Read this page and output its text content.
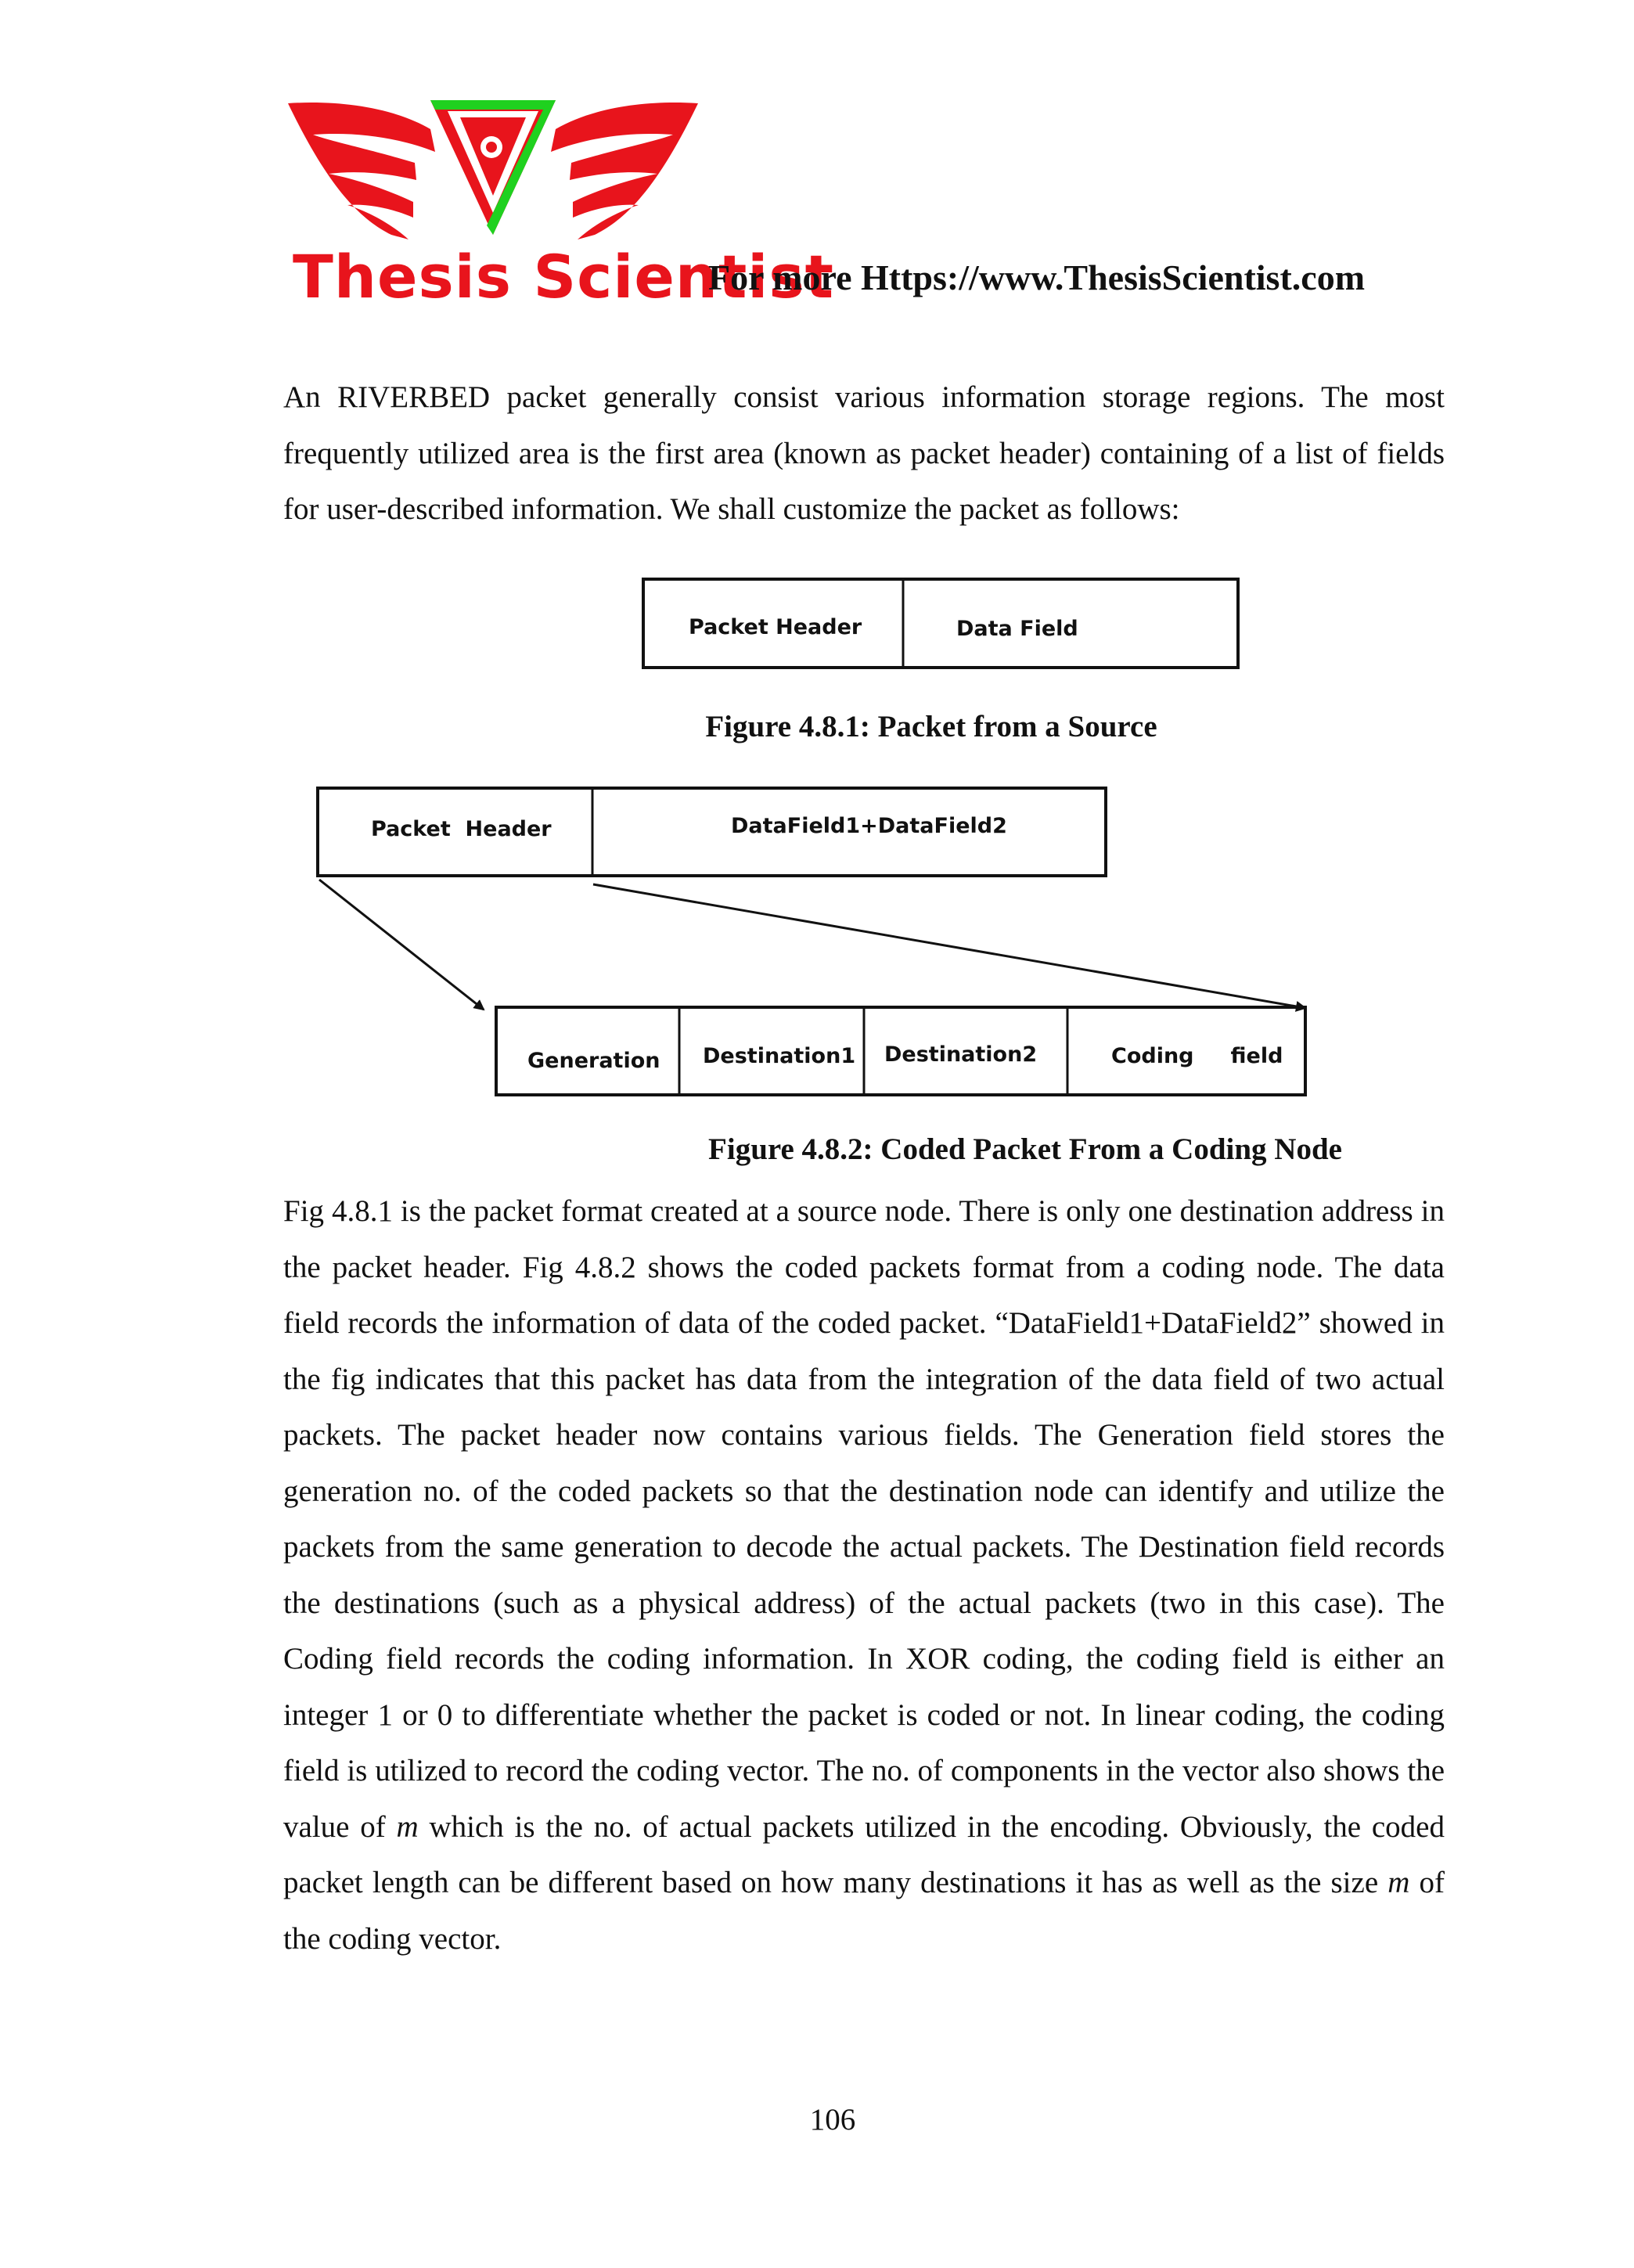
Thesis Scientist
For more Https://www.ThesisScientist.com

An RIVERBED packet generally consist various information storage regions. The most frequently utilized area is the first area (known as packet header) containing of a list of fields for user-described information. We shall customize the packet as follows:

Packet Header	Data Field
Packet  Header	DataField1+DataField2
Generation Destination1 Destination2	Coding     field
Figure 4.8.1: Packet from a Source
Figure 4.8.2: Coded Packet From a Coding Node

Fig 4.8.1 is the packet format created at a source node. There is only one destination address in the packet header. Fig 4.8.2 shows the coded packets format from a coding node. The data field records the information of data of the coded packet. “DataField1+DataField2” showed in the fig indicates that this packet has data from the integration of the data field of two actual packets. The packet header now contains various fields. The Generation field stores the generation no. of the coded packets so that the destination node can identify and utilize the packets from the same generation to decode the actual packets. The Destination field records the destinations (such as a physical address) of the actual packets (two in this case). The Coding field records the coding information. In XOR coding, the coding field is either an integer 1 or 0 to differentiate whether the packet is coded or not. In linear coding, the coding field is utilized to record the coding vector. The no. of components in the vector also shows the value of m which is the no. of actual packets utilized in the encoding. Obviously, the coded packet length can be different based on how many destinations it has as well as the size m of the coding vector.

106
